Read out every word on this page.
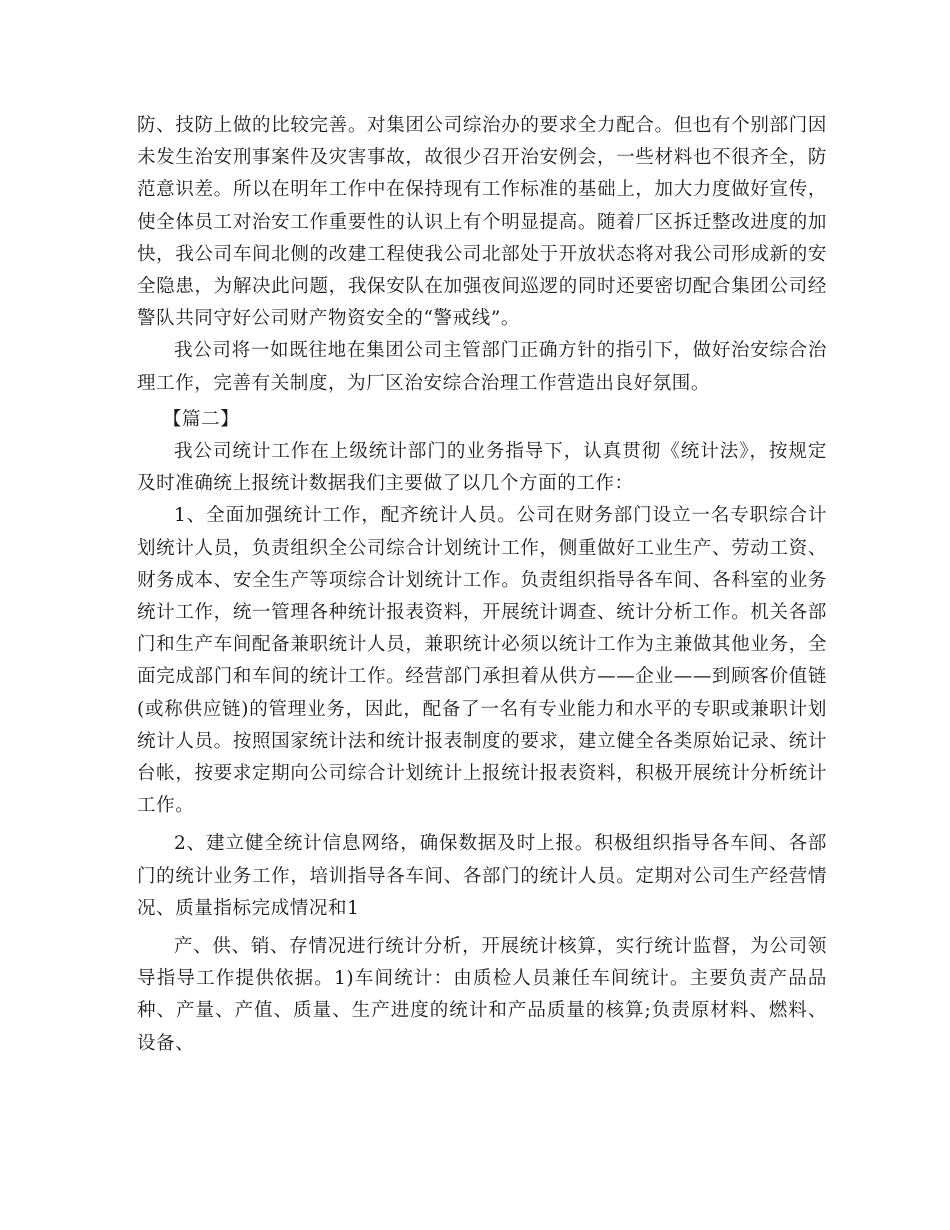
防、技防上做的比较完善。对集团公司综治办的要求全力配合。但也有个别部门因未发生治安刑事案件及灾害事故，故很少召开治安例会，一些材料也不很齐全，防范意识差。所以在明年工作中在保持现有工作标准的基础上，加大力度做好宣传，使全体员工对治安工作重要性的认识上有个明显提高。随着厂区拆迁整改进度的加快，我公司车间北侧的改建工程使我公司北部处于开放状态将对我公司形成新的安全隐患，为解决此问题，我保安队在加强夜间巡逻的同时还要密切配合集团公司经警队共同守好公司财产物资安全的“警戒线”。

我公司将一如既往地在集团公司主管部门正确方针的指引下，做好治安综合治理工作，完善有关制度，为厂区治安综合治理工作营造出良好氛围。

【篇二】

我公司统计工作在上级统计部门的业务指导下，认真贯彻《统计法》，按规定及时准确统上报统计数据我们主要做了以几个方面的工作：

1、全面加强统计工作，配齐统计人员。公司在财务部门设立一名专职综合计划统计人员，负责组织全公司综合计划统计工作，侧重做好工业生产、劳动工资、财务成本、安全生产等项综合计划统计工作。负责组织指导各车间、各科室的业务统计工作，统一管理各种统计报表资料，开展统计调查、统计分析工作。机关各部门和生产车间配备兼职统计人员，兼职统计必须以统计工作为主兼做其他业务，全面完成部门和车间的统计工作。经营部门承担着从供方——企业——到顾客价值链(或称供应链)的管理业务，因此，配备了一名有专业能力和水平的专职或兼职计划统计人员。按照国家统计法和统计报表制度的要求，建立健全各类原始记录、统计台帐，按要求定期向公司综合计划统计上报统计报表资料，积极开展统计分析统计工作。

2、建立健全统计信息网络，确保数据及时上报。积极组织指导各车间、各部门的统计业务工作，培训指导各车间、各部门的统计人员。定期对公司生产经营情况、质量指标完成情况和1

产、供、销、存情况进行统计分析，开展统计核算，实行统计监督，为公司领导指导工作提供依据。1)车间统计：由质检人员兼任车间统计。主要负责产品品种、产量、产值、质量、生产进度的统计和产品质量的核算;负责原材料、燃料、设备、
